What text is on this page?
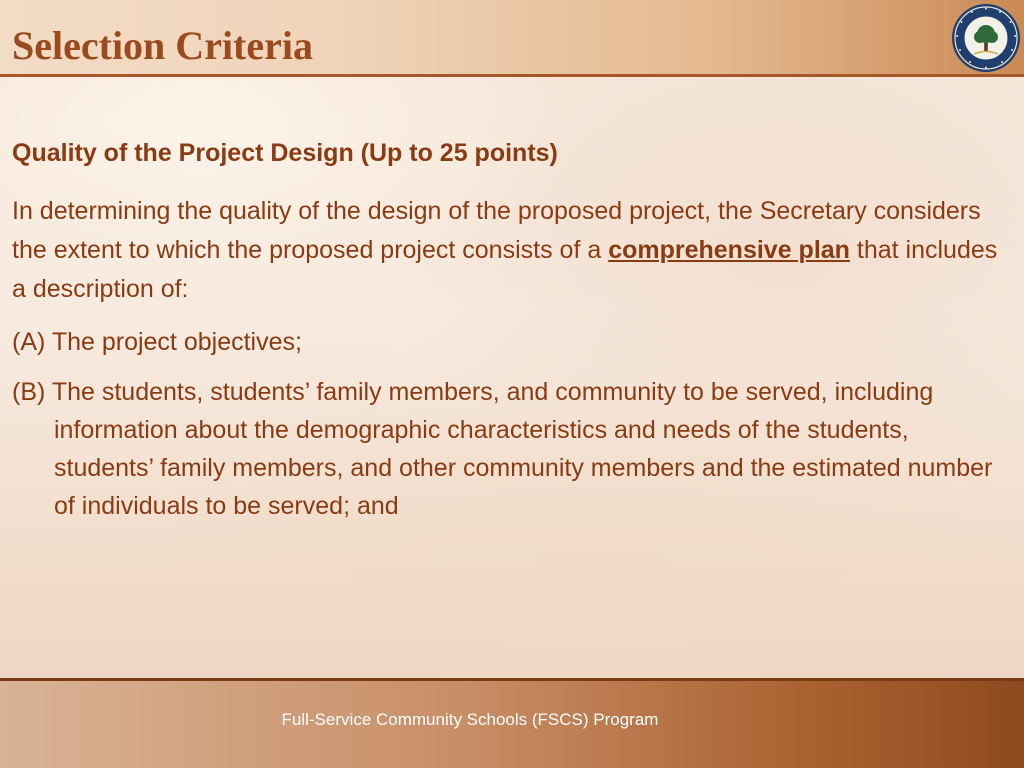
Selection Criteria

Quality of the Project Design (Up to 25 points)

In determining the quality of the design of the proposed project, the Secretary considers the extent to which the proposed project consists of a comprehensive plan that includes a description of:

(A) The project objectives;

(B) The students, students’ family members, and community to be served, including information about the demographic characteristics and needs of the students, students’ family members, and other community members and the estimated number of individuals to be served; and

Full-Service Community Schools (FSCS) Program
